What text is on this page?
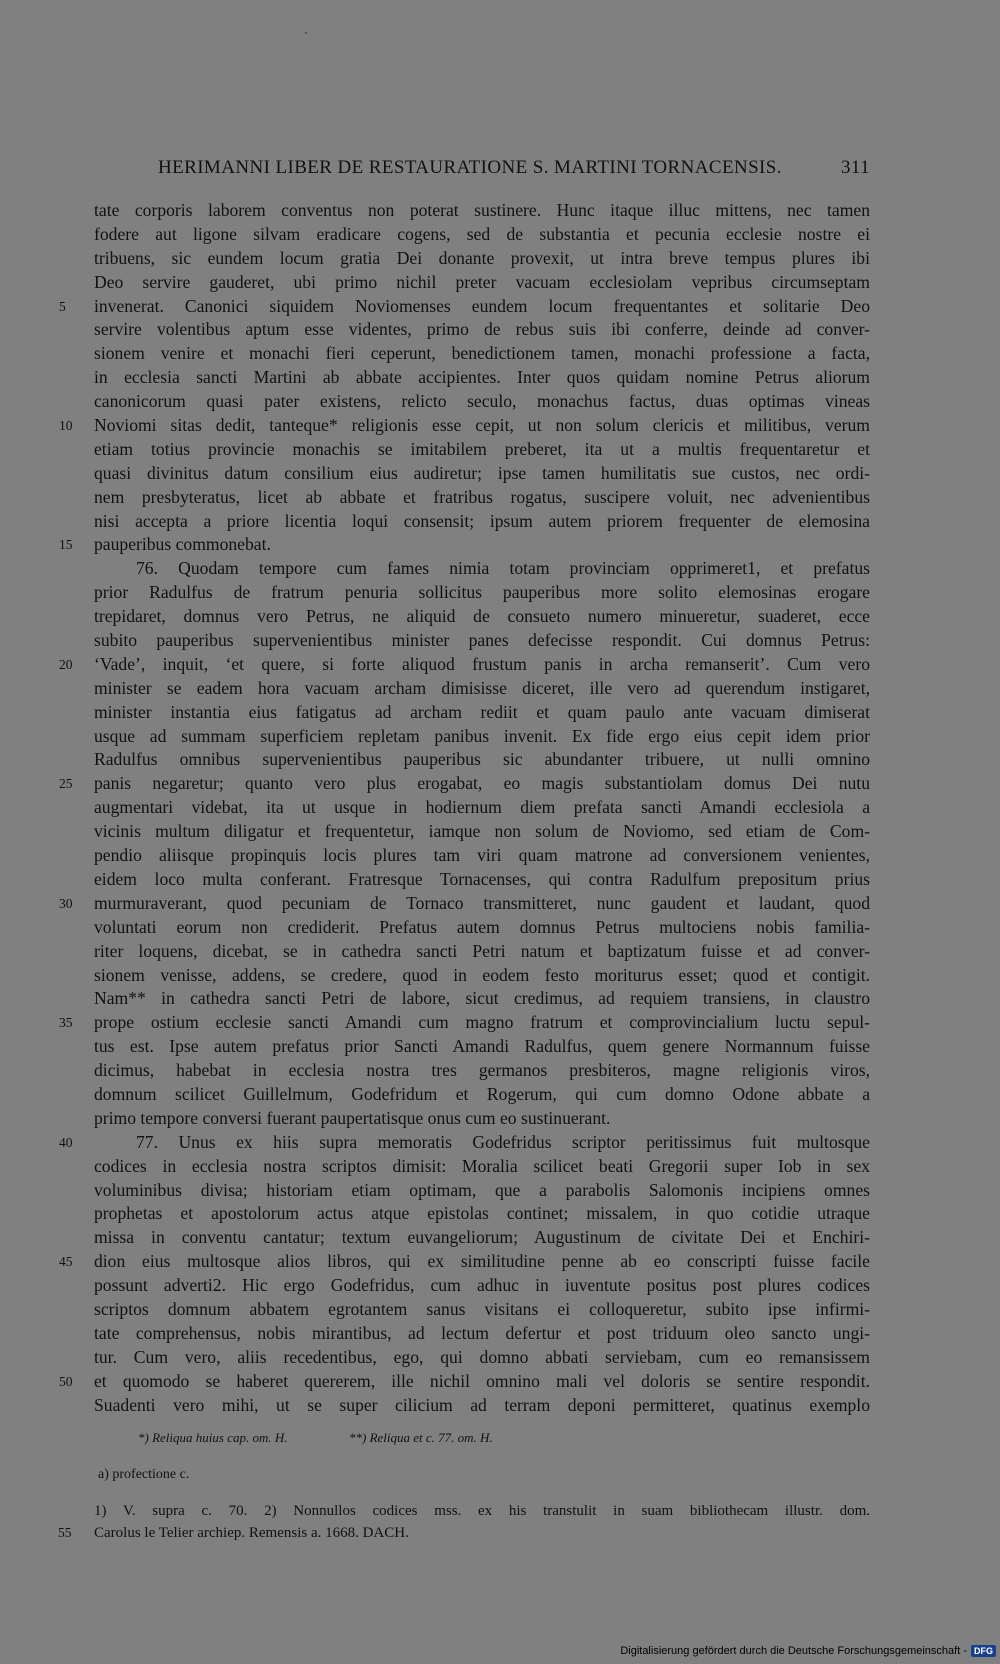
HERIMANNI LIBER DE RESTAURATIONE S. MARTINI TORNACENSIS.	311
tate corporis laborem conventus non poterat sustinere. Hunc itaque illuc mittens, nec tamen
fodere aut ligone silvam eradicare cogens, sed de substantia et pecunia ecclesie nostre ei
tribuens, sic eundem locum gratia Dei donante provexit, ut intra breve tempus plures ibi
Deo servire gauderet, ubi primo nichil preter vacuam ecclesiolam vepribus circumseptam
5	invenerat. Canonici siquidem Noviomenses eundem locum frequentantes et solitarie Deo
servire volentibus aptum esse videntes, primo de rebus suis ibi conferre, deinde ad conver-
sionem venire et monachi fieri ceperunt, benedictionem tamen, monachi professione a facta,
in ecclesia sancti Martini ab abbate accipientes. Inter quos quidam nomine Petrus aliorum
canonicorum quasi pater existens, relicto seculo, monachus factus, duas optimas vineas
10	Noviomi sitas dedit, tanteque* religionis esse cepit, ut non solum clericis et militibus, verum
etiam totius provincie monachis se imitabilem preberet, ita ut a multis frequentaretur et
quasi divinitus datum consilium eius audiretur; ipse tamen humilitatis sue custos, nec ordi-
nem presbyteratus, licet ab abbate et fratribus rogatus, suscipere voluit, nec advenientibus
nisi accepta a priore licentia loqui consensit; ipsum autem priorem frequenter de elemosina
15	pauperibus commonebat.
76. Quodam tempore cum fames nimia totam provinciam opprimeret1, et prefatus
prior Radulfus de fratrum penuria sollicitus pauperibus more solito elemosinas erogare
trepidaret, domnus vero Petrus, ne aliquid de consueto numero minueretur, suaderet, ecce
subito pauperibus supervenientibus minister panes defecisse respondit. Cui domnus Petrus:
20	‘Vade’, inquit, ‘et quere, si forte aliquod frustum panis in archa remanserit’. Cum vero
minister se eadem hora vacuam archam dimisisse diceret, ille vero ad querendum instigaret,
minister instantia eius fatigatus ad archam rediit et quam paulo ante vacuam dimiserat
usque ad summam superficiem repletam panibus invenit. Ex fide ergo eius cepit idem prior
Radulfus omnibus supervenientibus pauperibus sic abundanter tribuere, ut nulli omnino
25	panis negaretur; quanto vero plus erogabat, eo magis substantiolam domus Dei nutu
augmentari videbat, ita ut usque in hodiernum diem prefata sancti Amandi ecclesiola a
vicinis multum diligatur et frequentetur, iamque non solum de Noviomo, sed etiam de Com-
pendio aliisque propinquis locis plures tam viri quam matrone ad conversionem venientes,
eidem loco multa conferant. Fratresque Tornacenses, qui contra Radulfum prepositum prius
30	murmuraverant, quod pecuniam de Tornaco transmitteret, nunc gaudent et laudant, quod
voluntati eorum non crediderit. Prefatus autem domnus Petrus multociens nobis familia-
riter loquens, dicebat, se in cathedra sancti Petri natum et baptizatum fuisse et ad conver-
sionem venisse, addens, se credere, quod in eodem festo moriturus esset; quod et contigit.
Nam** in cathedra sancti Petri de labore, sicut credimus, ad requiem transiens, in claustro
35	prope ostium ecclesie sancti Amandi cum magno fratrum et comprovincialium luctu sepul-
tus est. Ipse autem prefatus prior Sancti Amandi Radulfus, quem genere Normannum fuisse
dicimus, habebat in ecclesia nostra tres germanos presbiteros, magne religionis viros,
domnum scilicet Guillelmum, Godefridum et Rogerum, qui cum domno Odone abbate a
primo tempore conversi fuerant paupertatisque onus cum eo sustinuerant.
40	77. Unus ex hiis supra memoratis Godefridus scriptor peritissimus fuit multosque
codices in ecclesia nostra scriptos dimisit: Moralia scilicet beati Gregorii super Iob in sex
voluminibus divisa; historiam etiam optimam, que a parabolis Salomonis incipiens omnes
prophetas et apostolorum actus atque epistolas continet; missalem, in quo cotidie utraque
missa in conventu cantatur; textum euvangeliorum; Augustinum de civitate Dei et Enchiri-
45	dion eius multosque alios libros, qui ex similitudine penne ab eo conscripti fuisse facile
possunt adverti2. Hic ergo Godefridus, cum adhuc in iuventute positus post plures codices
scriptos domnum abbatem egrotantem sanus visitans ei colloqueretur, subito ipse infirmi-
tate comprehensus, nobis mirantibus, ad lectum defertur et post triduum oleo sancto ungi-
tur. Cum vero, aliis recedentibus, ego, qui domno abbati serviebam, cum eo remansissem
50	et quomodo se haberet quererem, ille nichil omnino mali vel doloris se sentire respondit.
Suadenti vero mihi, ut se super cilicium ad terram deponi permitteret, quatinus exemplo
*) Reliqua huius cap. om. H.	**) Reliqua et c. 77. om. H.
a) profectione c.
1) V. supra c. 70. 2) Nonnullos codices mss. ex his transtulit in suam bibliothecam illustr. dom.
55	Carolus le Telier archiep. Remensis a. 1668. DACH.
Digitalisierung gefördert durch die Deutsche Forschungsgemeinschaft - DFG
